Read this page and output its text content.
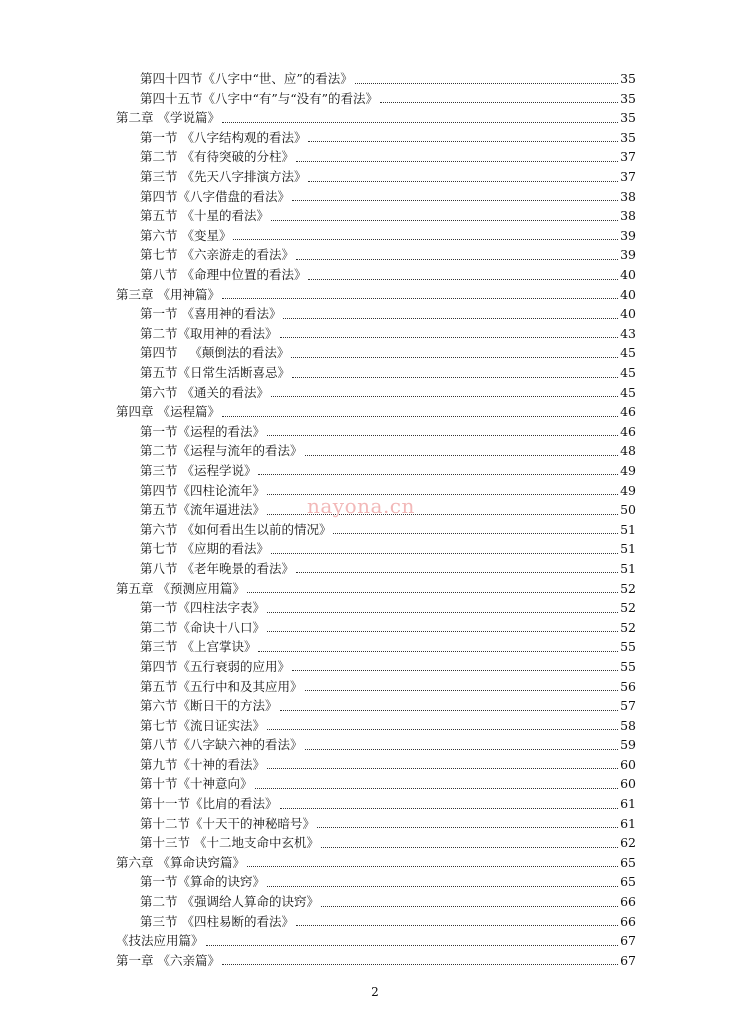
第四十四节《八字中“世、应”的看法》	35
第四十五节《八字中“有”与“没有”的看法》	35
第二章 《学说篇》	35
第一节 《八字结构观的看法》	35
第二节 《有待突破的分柱》	37
第三节 《先天八字排演方法》	37
第四节《八字借盘的看法》	38
第五节 《十星的看法》	38
第六节 《变星》	39
第七节 《六亲游走的看法》	39
第八节 《命理中位置的看法》	40
第三章 《用神篇》	40
第一节 《喜用神的看法》	40
第二节《取用神的看法》	43
第四节   《颠倒法的看法》	45
第五节《日常生活断喜忌》	45
第六节 《通关的看法》	45
第四章 《运程篇》	46
第一节《运程的看法》	46
第二节《运程与流年的看法》	48
第三节 《运程学说》	49
第四节《四柱论流年》	49
第五节《流年逼进法》	50
第六节 《如何看出生以前的情况》	51
第七节 《应期的看法》	51
第八节 《老年晚景的看法》	51
第五章 《预测应用篇》	52
第一节《四柱法字表》	52
第二节《命诀十八口》	52
第三节 《上宫掌诀》	55
第四节《五行衰弱的应用》	55
第五节《五行中和及其应用》	56
第六节《断日干的方法》	57
第七节《流日证实法》	58
第八节《八字缺六神的看法》	59
第九节《十神的看法》	60
第十节《十神意向》	60
第十一节《比肩的看法》	61
第十二节《十天干的神秘暗号》	61
第十三节 《十二地支命中玄机》	62
第六章 《算命诀窍篇》	65
第一节《算命的诀窍》	65
第二节 《强调给人算命的诀窍》	66
第三节 《四柱易断的看法》	66
《技法应用篇》	67
第一章 《六亲篇》	67
nayona.cn
2
